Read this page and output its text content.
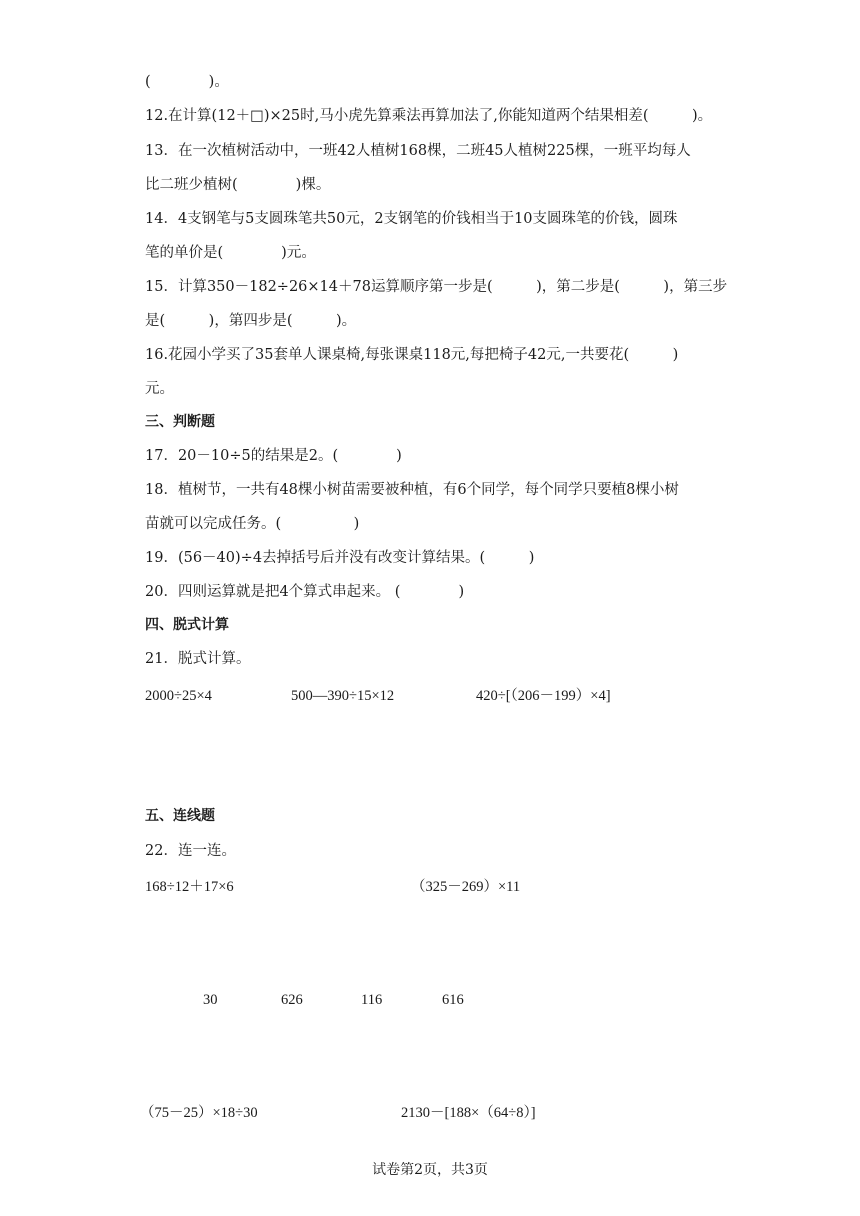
(　　　　)。
12.在计算(12＋□)×25时,马小虎先算乘法再算加法了,你能知道两个结果相差(　　　)。
13．在一次植树活动中，一班42人植树168棵，二班45人植树225棵，一班平均每人
比二班少植树(　　　　)棵。
14．4支钢笔与5支圆珠笔共50元，2支钢笔的价钱相当于10支圆珠笔的价钱，圆珠
笔的单价是(　　　　)元。
15．计算350－182÷26×14＋78运算顺序第一步是(　　　)，第二步是(　　　)，第三步
是(　　　)，第四步是(　　　)。
16.花园小学买了35套单人课桌椅,每张课桌118元,每把椅子42元,一共要花(　　　)
元。
三、判断题
17．20－10÷5的结果是2。(　　　　)
18．植树节，一共有48棵小树苗需要被种植，有6个同学，每个同学只要植8棵小树
苗就可以完成任务。(　　　　　)
19．(56－40)÷4去掉括号后并没有改变计算结果。(　　　)
20．四则运算就是把4个算式串起来。 (　　　　)
四、脱式计算
21．脱式计算。
2000÷25×4	500—390÷15×12	420÷[（206－199）×4]
五、连线题
22．连一连。
168÷12＋17×6	（325－269）×11
30	626	116	616
（75－25）×18÷30	2130－[188×（64÷8）]
试卷第2页，共3页
